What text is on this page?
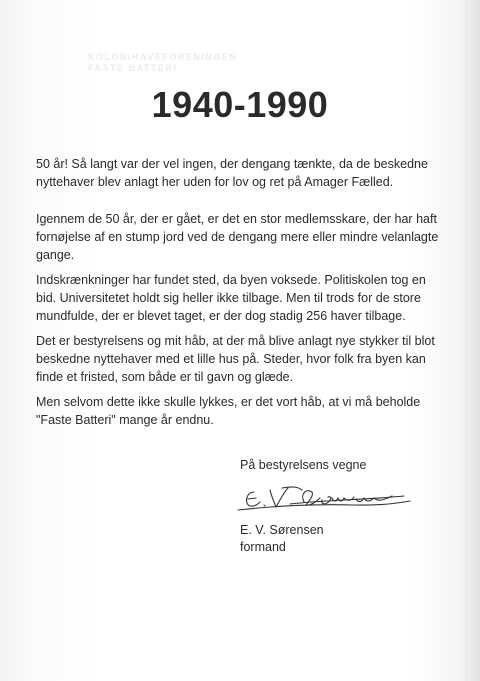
KOLONIHAVEFORENINGEN
FASTE BATTERI
1940-1990
50 år! Så langt var der vel ingen, der dengang tænkte, da de beskedne
nyttehaver blev anlagt her uden for lov og ret på Amager Fælled.
Igennem de 50 år, der er gået, er det en stor medlemsskare, der har haft
fornøjelse af en stump jord ved de dengang mere eller mindre velanlagte
gange.
Indskrænkninger har fundet sted, da byen voksede. Politiskolen tog en
bid. Universitetet holdt sig heller ikke tilbage. Men til trods for de store
mundfulde, der er blevet taget, er der dog stadig 256 haver tilbage.
Det er bestyrelsens og mit håb, at der må blive anlagt nye stykker til blot
beskedne nyttehaver med et lille hus på. Steder, hvor folk fra byen kan
finde et fristed, som både er til gavn og glæde.
Men selvom dette ikke skulle lykkes, er det vort håb, at vi må beholde
"Faste Batteri" mange år endnu.
På bestyrelsens vegne
E. V. Sørensen
formand
